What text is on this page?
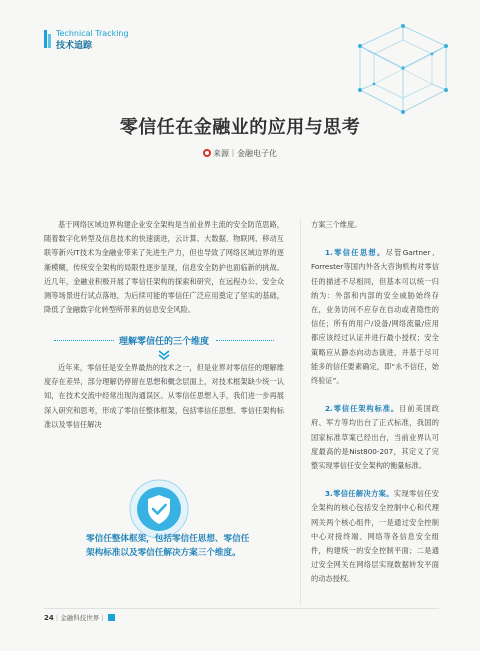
Technical Tracking
技术追踪
零信任在金融业的应用与思考
来源｜金融电子化

基于网络区域边界构建企业安全架构是当前业界主流的安全防范思路，随着数字化转型及信息技术的快速演进，云计算、大数据、物联网、移动互联等新兴IT技术为金融业带来了先进生产力，但也导致了网络区域边界的逐渐模糊，传统安全架构的局限性逐步显现，信息安全防护也面临新的挑战。近几年，金融业积极开展了零信任架构的探索和研究，在远程办公、安全众测等场景进行试点落地，为后续可能的零信任广泛应用奠定了坚实的基础，降低了金融数字化转型所带来的信息安全风险。

理解零信任的三个维度

近年来，零信任是安全界最热的技术之一，但是业界对零信任的理解维度存在差异，部分理解仍停留在思想和概念层面上，对技术框架缺少统一认知，在技术交流中经常出现沟通误区。从零信任思想入手，我们进一步再展深入研究和思考，形成了零信任整体框架，包括零信任思想、零信任架构标准以及零信任解决

零信任整体框架，包括零信任思想、零信任架构标准以及零信任解决方案三个维度。

方案三个维度。

1.零信任思想。尽管Gartner、Forrester等国内外各大咨询机构对零信任的描述不尽相同，但基本可以统一归纳为：外部和内部的安全威胁始终存在，业务访问不应存在自动或者隐性的信任；所有的用户/设备/网络流量/应用都应该经过认证并进行最小授权；安全策略应从静态向动态演进，并基于尽可能多的信任要素确定，即“永不信任，始终验证”。

2.零信任架构标准。目前美国政府、军方等均出台了正式标准，我国的国家标准草案已经出台，当前业界认可度最高的是Nist800-207，其定义了完整实现零信任安全架构的衡量标准。

3.零信任解决方案。实现零信任安全架构的核心包括安全控制中心和代理网关两个核心组件，一是通过安全控制中心对接终端、网络等各信息安全组件，构建统一的安全控制平面；二是通过安全网关在网络层实现数据转发平面的动态授权。

24｜金融科技世界｜
